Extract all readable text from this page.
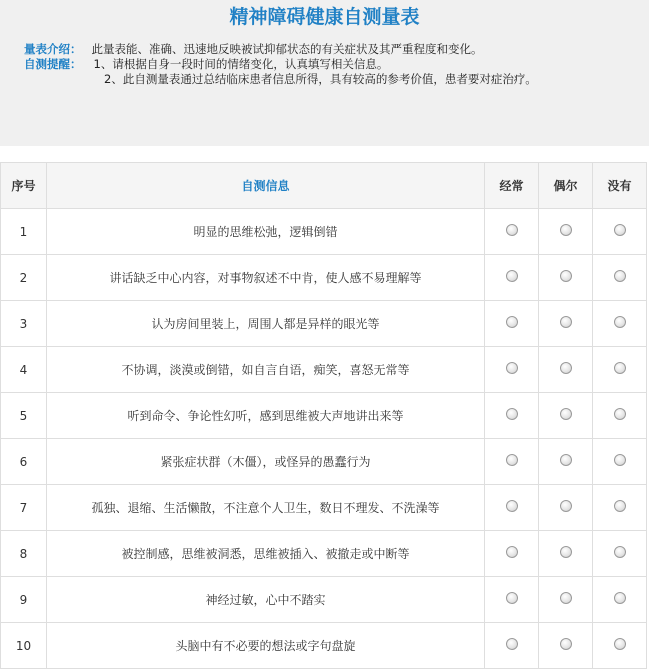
精神障碍健康自测量表
量表介绍： 此量表能、准确、迅速地反映被试抑郁状态的有关症状及其严重程度和变化。
自测提醒： 1、请根据自身一段时间的情绪变化，认真填写相关信息。
2、此自测量表通过总结临床患者信息所得，具有较高的参考价值，患者要对症治疗。
序号	自测信息	经常	偶尔	没有
1	明显的思维松弛，逻辑倒错			
2	讲话缺乏中心内容，对事物叙述不中肯，使人感不易理解等			
3	认为房间里装上，周围人都是异样的眼光等			
4	不协调，淡漠或倒错，如自言自语，痴笑，喜怒无常等			
5	听到命令、争论性幻听，感到思维被大声地讲出来等			
6	紧张症状群（木僵），或怪异的愚蠢行为			
7	孤独、退缩、生活懒散，不注意个人卫生，数日不理发、不洗澡等			
8	被控制感，思维被洞悉，思维被插入、被撤走或中断等			
9	神经过敏，心中不踏实			
10	头脑中有不必要的想法或字句盘旋			
